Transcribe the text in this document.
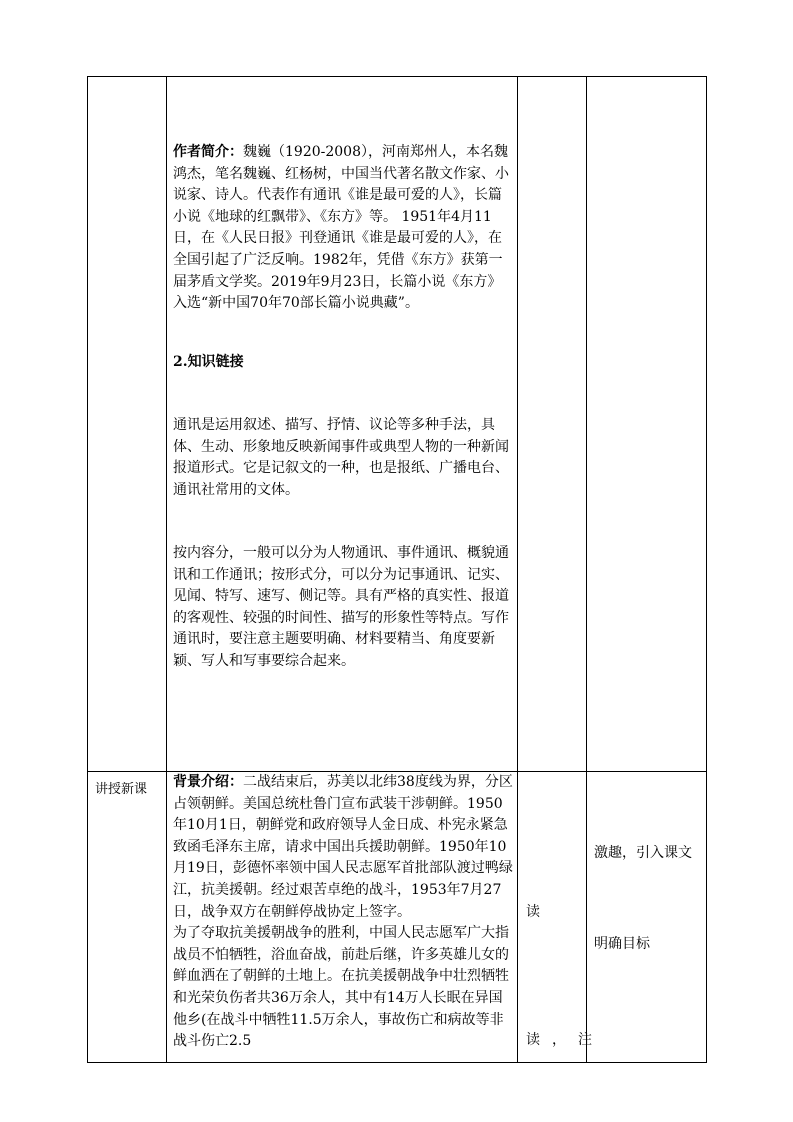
作者简介：魏巍（1920-2008），河南郑州人，本名魏鸿杰，笔名魏巍、红杨树，中国当代著名散文作家、小说家、诗人。代表作有通讯《谁是最可爱的人》，长篇小说《地球的红飘带》、《东方》等。 1951年4月11日，在《人民日报》刊登通讯《谁是最可爱的人》，在全国引起了广泛反响。1982年，凭借《东方》获第一届茅盾文学奖。2019年9月23日，长篇小说《东方》入选“新中国70年70部长篇小说典藏”。
2.知识链接
通讯是运用叙述、描写、抒情、议论等多种手法，具体、生动、形象地反映新闻事件或典型人物的一种新闻报道形式。它是记叙文的一种，也是报纸、广播电台、通讯社常用的文体。
按内容分，一般可以分为人物通讯、事件通讯、概貌通讯和工作通讯；按形式分，可以分为记事通讯、记实、见闻、特写、速写、侧记等。具有严格的真实性、报道的客观性、较强的时间性、描写的形象性等特点。写作通讯时，要注意主题要明确、材料要精当、角度要新颖、写人和写事要综合起来。
讲授新课	背景介绍：二战结束后，苏美以北纬38度线为界，分区占领朝鲜。美国总统杜鲁门宣布武装干涉朝鲜。1950年10月1日，朝鲜党和政府领导人金日成、朴宪永紧急致函毛泽东主席，请求中国出兵援助朝鲜。1950年10月19日，彭德怀率领中国人民志愿军首批部队渡过鸭绿江，抗美援朝。经过艰苦卓绝的战斗，1953年7月27日，战争双方在朝鲜停战协定上签字。
为了夺取抗美援朝战争的胜利，中国人民志愿军广大指战员不怕牺牲，浴血奋战，前赴后继，许多英雄儿女的鲜血洒在了朝鲜的土地上。在抗美援朝战争中壮烈牺牲和光荣负伤者共36万余人，其中有14万人长眠在异国他乡(在战斗中牺牲11.5万余人，事故伤亡和病故等非战斗伤亡2.5
读
读 ， 注
激趣，引入课文
明确目标
